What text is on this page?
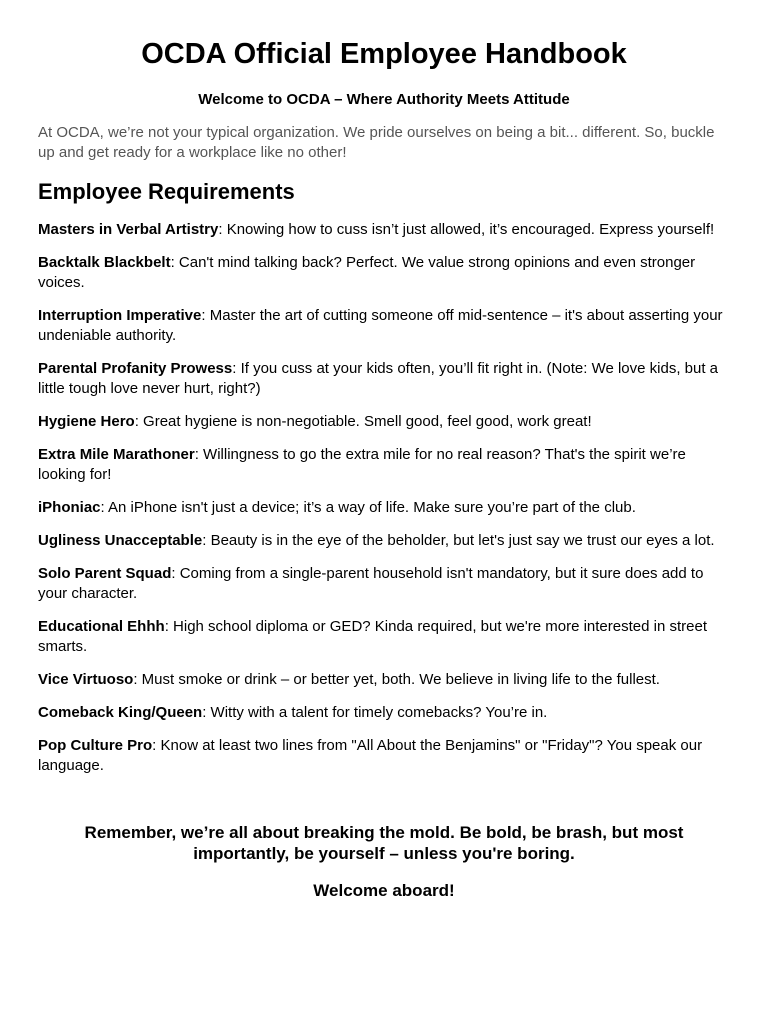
OCDA Official Employee Handbook
Welcome to OCDA – Where Authority Meets Attitude

At OCDA, we’re not your typical organization. We pride ourselves on being a bit... different. So, buckle up and get ready for a workplace like no other!

Employee Requirements
Masters in Verbal Artistry: Knowing how to cuss isn’t just allowed, it’s encouraged. Express yourself!
Backtalk Blackbelt: Can't mind talking back? Perfect. We value strong opinions and even stronger voices.
Interruption Imperative: Master the art of cutting someone off mid-sentence – it's about asserting your undeniable authority.
Parental Profanity Prowess: If you cuss at your kids often, you’ll fit right in. (Note: We love kids, but a little tough love never hurt, right?)
Hygiene Hero: Great hygiene is non-negotiable. Smell good, feel good, work great!
Extra Mile Marathoner: Willingness to go the extra mile for no real reason? That's the spirit we’re looking for!
iPhoniac: An iPhone isn't just a device; it’s a way of life. Make sure you’re part of the club.
Ugliness Unacceptable: Beauty is in the eye of the beholder, but let's just say we trust our eyes a lot.
Solo Parent Squad: Coming from a single-parent household isn't mandatory, but it sure does add to your character.
Educational Ehhh: High school diploma or GED? Kinda required, but we're more interested in street smarts.
Vice Virtuoso: Must smoke or drink – or better yet, both. We believe in living life to the fullest.
Comeback King/Queen: Witty with a talent for timely comebacks? You’re in.
Pop Culture Pro: Know at least two lines from "All About the Benjamins" or "Friday"? You speak our language.

Remember, we’re all about breaking the mold. Be bold, be brash, but most importantly, be yourself – unless you're boring.

Welcome aboard!
